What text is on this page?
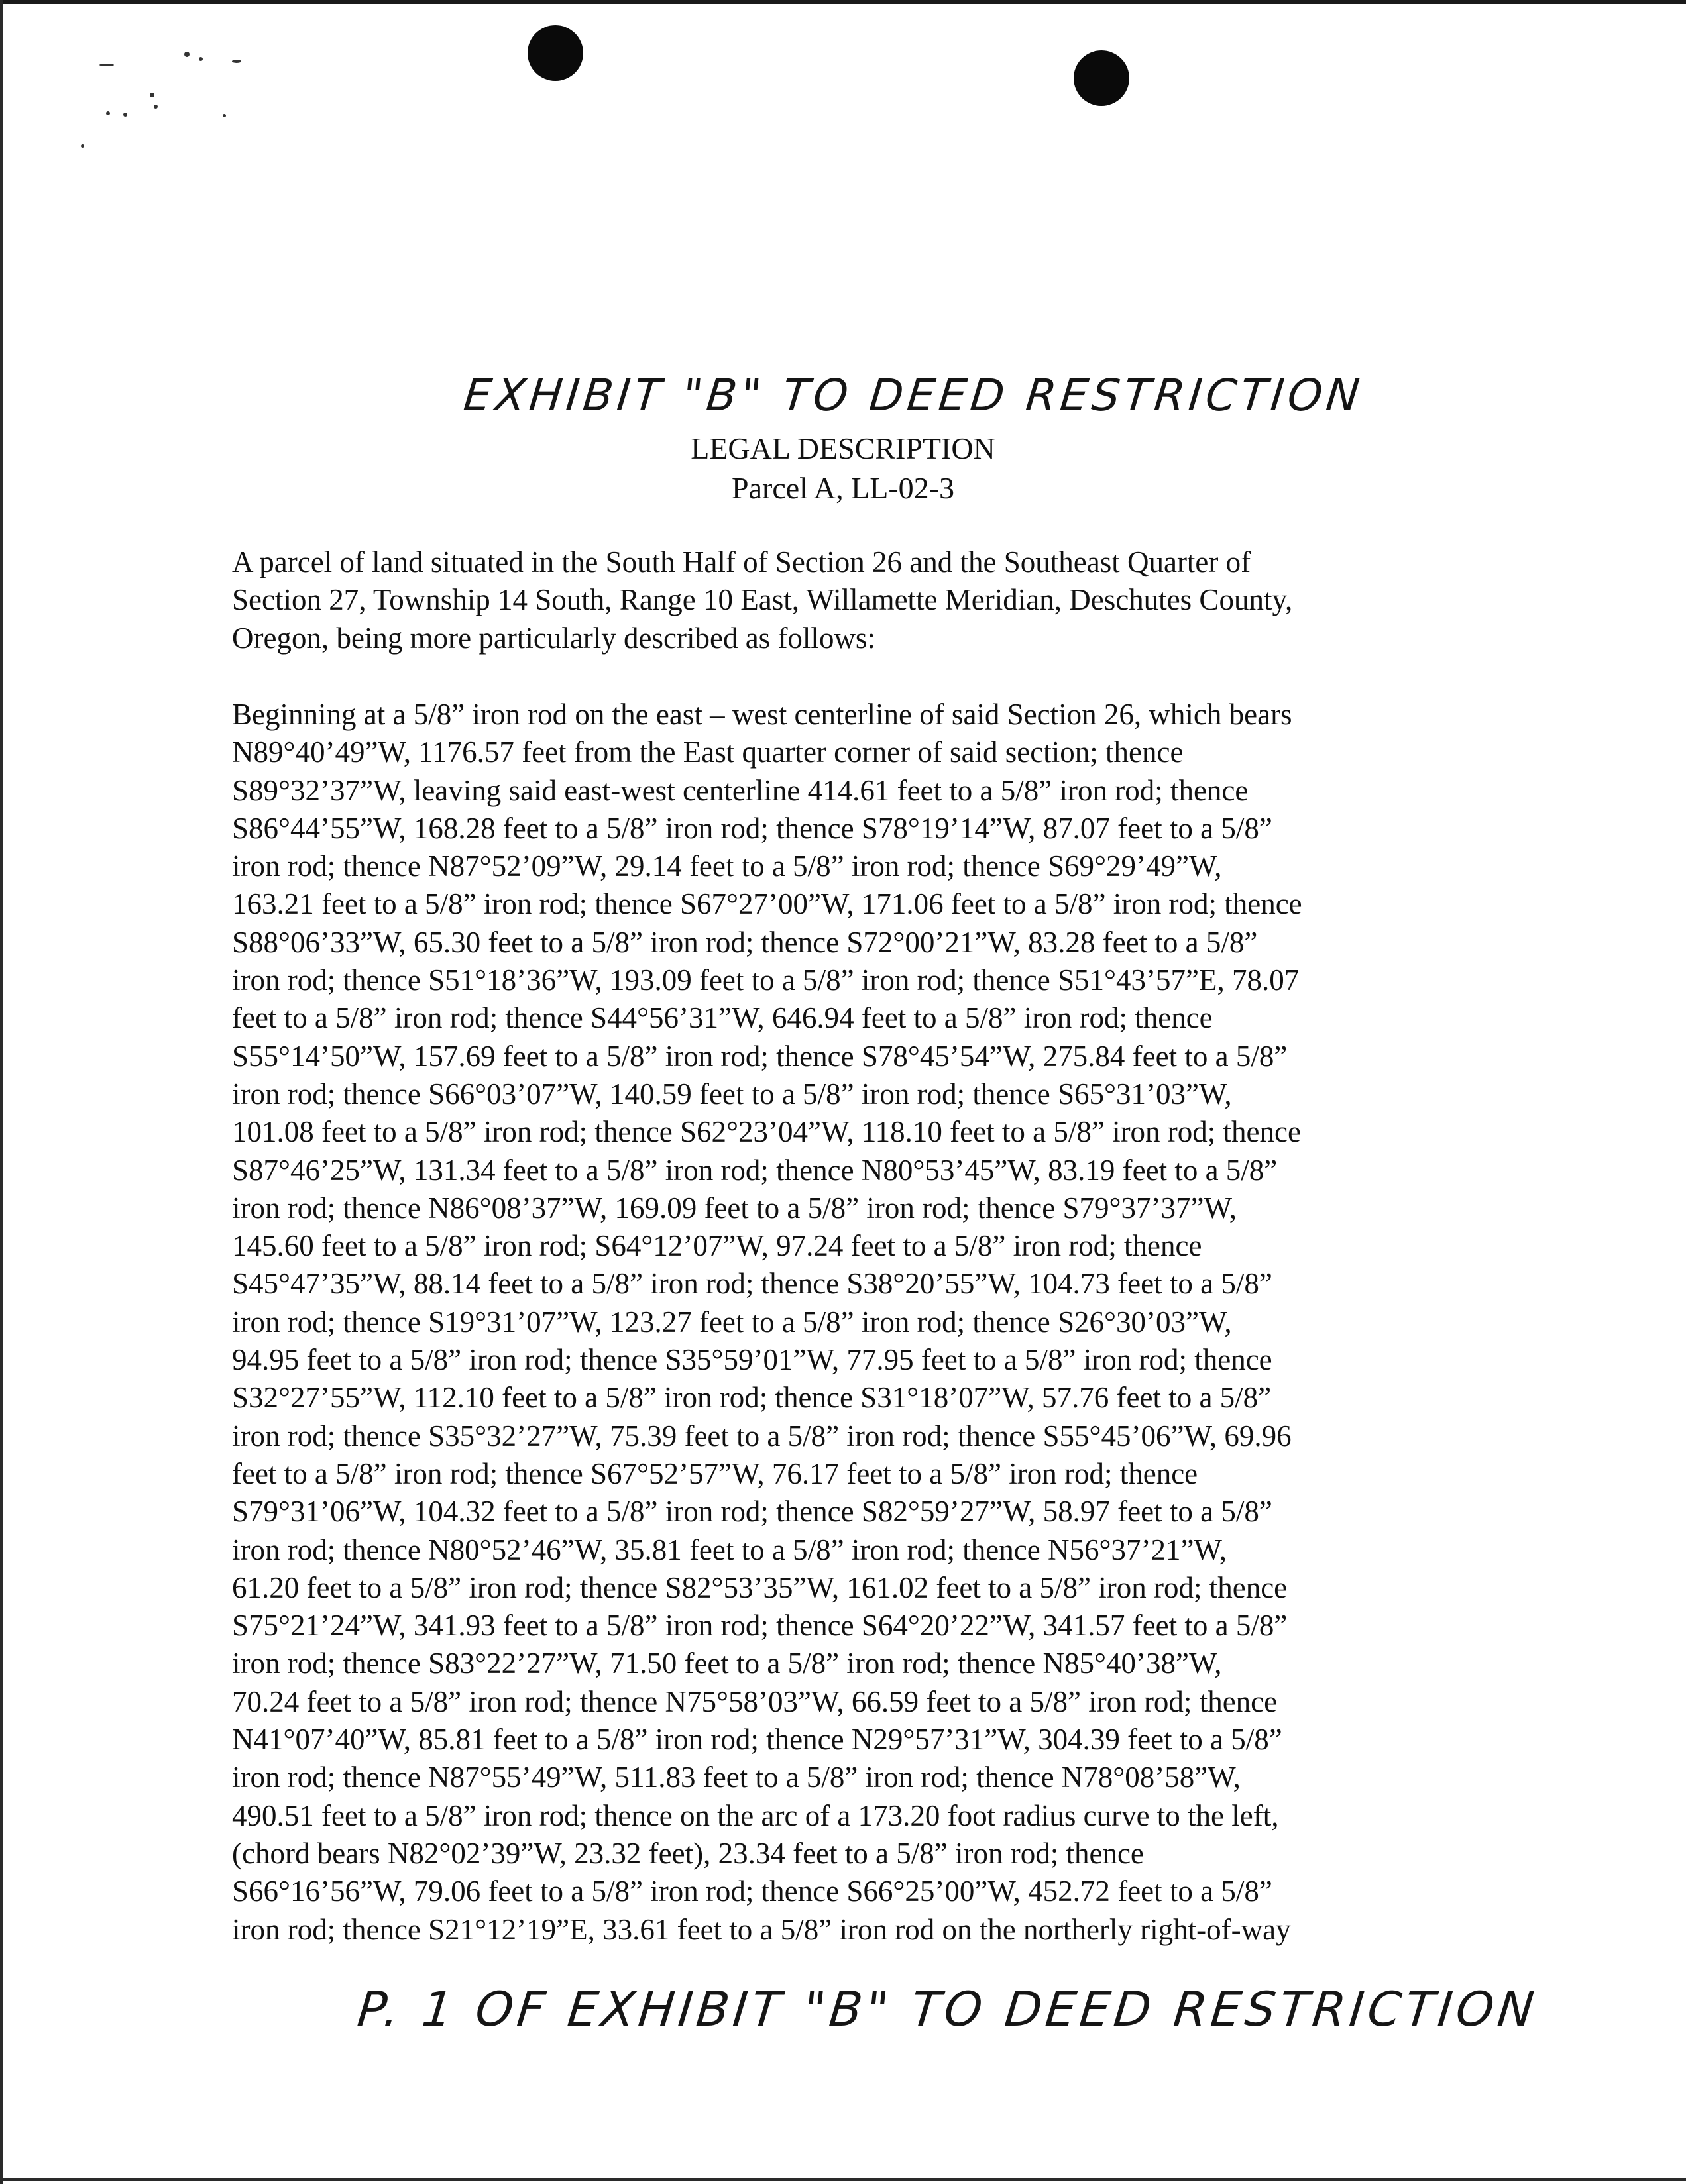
EXHIBIT "B" TO DEED RESTRICTION
LEGAL DESCRIPTION
Parcel A, LL-02-3
A parcel of land situated in the South Half of Section 26 and the Southeast Quarter of
Section 27, Township 14 South, Range 10 East, Willamette Meridian, Deschutes County,
Oregon, being more particularly described as follows:
Beginning at a 5/8” iron rod on the east – west centerline of said Section 26, which bears
N89°40’49”W, 1176.57 feet from the East quarter corner of said section; thence
S89°32’37”W, leaving said east-west centerline 414.61 feet to a 5/8” iron rod; thence
S86°44’55”W, 168.28 feet to a 5/8” iron rod; thence S78°19’14”W, 87.07 feet to a 5/8”
iron rod; thence N87°52’09”W, 29.14 feet to a 5/8” iron rod; thence S69°29’49”W,
163.21 feet to a 5/8” iron rod; thence S67°27’00”W, 171.06 feet to a 5/8” iron rod; thence
S88°06’33”W, 65.30 feet to a 5/8” iron rod; thence S72°00’21”W, 83.28 feet to a 5/8”
iron rod; thence S51°18’36”W, 193.09 feet to a 5/8” iron rod; thence S51°43’57”E, 78.07
feet to a 5/8” iron rod; thence S44°56’31”W, 646.94 feet to a 5/8” iron rod; thence
S55°14’50”W, 157.69 feet to a 5/8” iron rod; thence S78°45’54”W, 275.84 feet to a 5/8”
iron rod; thence S66°03’07”W, 140.59 feet to a 5/8” iron rod; thence S65°31’03”W,
101.08 feet to a 5/8” iron rod; thence S62°23’04”W, 118.10 feet to a 5/8” iron rod; thence
S87°46’25”W, 131.34 feet to a 5/8” iron rod; thence N80°53’45”W, 83.19 feet to a 5/8”
iron rod; thence N86°08’37”W, 169.09 feet to a 5/8” iron rod; thence S79°37’37”W,
145.60 feet to a 5/8” iron rod; S64°12’07”W, 97.24 feet to a 5/8” iron rod; thence
S45°47’35”W, 88.14 feet to a 5/8” iron rod; thence S38°20’55”W, 104.73 feet to a 5/8”
iron rod; thence S19°31’07”W, 123.27 feet to a 5/8” iron rod; thence S26°30’03”W,
94.95 feet to a 5/8” iron rod; thence S35°59’01”W, 77.95 feet to a 5/8” iron rod; thence
S32°27’55”W, 112.10 feet to a 5/8” iron rod; thence S31°18’07”W, 57.76 feet to a 5/8”
iron rod; thence S35°32’27”W, 75.39 feet to a 5/8” iron rod; thence S55°45’06”W, 69.96
feet to a 5/8” iron rod; thence S67°52’57”W, 76.17 feet to a 5/8” iron rod; thence
S79°31’06”W, 104.32 feet to a 5/8” iron rod; thence S82°59’27”W, 58.97 feet to a 5/8”
iron rod; thence N80°52’46”W, 35.81 feet to a 5/8” iron rod; thence N56°37’21”W,
61.20 feet to a 5/8” iron rod; thence S82°53’35”W, 161.02 feet to a 5/8” iron rod; thence
S75°21’24”W, 341.93 feet to a 5/8” iron rod; thence S64°20’22”W, 341.57 feet to a 5/8”
iron rod; thence S83°22’27”W, 71.50 feet to a 5/8” iron rod; thence N85°40’38”W,
70.24 feet to a 5/8” iron rod; thence N75°58’03”W, 66.59 feet to a 5/8” iron rod; thence
N41°07’40”W, 85.81 feet to a 5/8” iron rod; thence N29°57’31”W, 304.39 feet to a 5/8”
iron rod; thence N87°55’49”W, 511.83 feet to a 5/8” iron rod; thence N78°08’58”W,
490.51 feet to a 5/8” iron rod; thence on the arc of a 173.20 foot radius curve to the left,
(chord bears N82°02’39”W, 23.32 feet), 23.34 feet to a 5/8” iron rod; thence
S66°16’56”W, 79.06 feet to a 5/8” iron rod; thence S66°25’00”W, 452.72 feet to a 5/8”
iron rod; thence S21°12’19”E, 33.61 feet to a 5/8” iron rod on the northerly right-of-way
P. 1 OF EXHIBIT "B" TO DEED RESTRICTION
